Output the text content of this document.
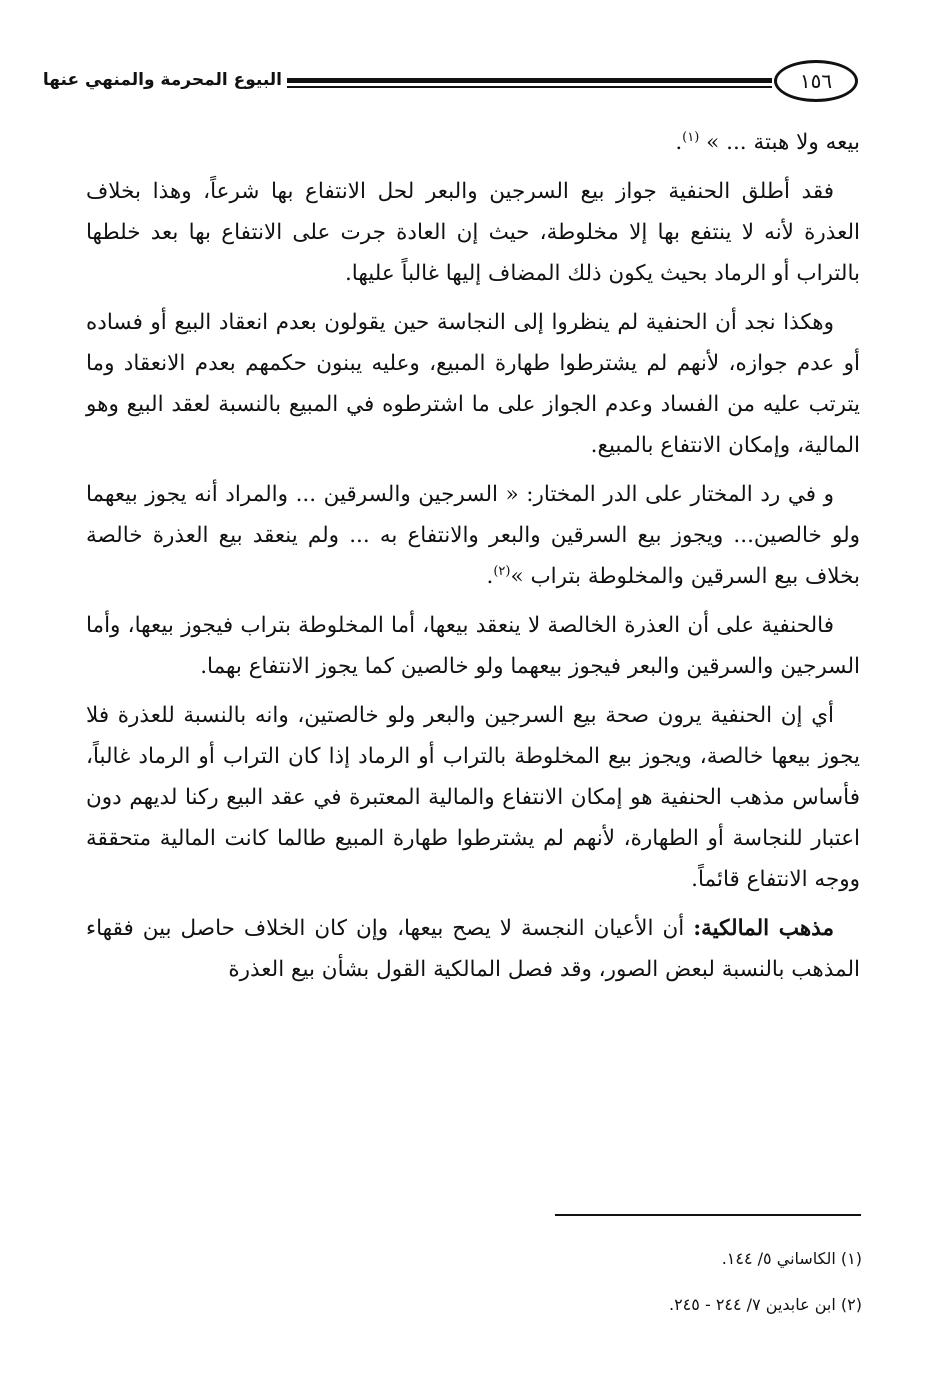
البيوع المحرمة والمنهي عنها	١٥٦

بيعه ولا هبتة ... » $^{(١)}$.

فقد أطلق الحنفية جواز بيع السرجين والبعر لحل الانتفاع بها شرعاً، وهذا بخلاف العذرة لأنه لا ينتفع بها إلا مخلوطة، حيث إن العادة جرت على الانتفاع بها بعد خلطها بالتراب أو الرماد بحيث يكون ذلك المضاف إليها غالباً عليها.

وهكذا نجد أن الحنفية لم ينظروا إلى النجاسة حين يقولون بعدم انعقاد البيع أو فساده أو عدم جوازه، لأنهم لم يشترطوا طهارة المبيع، وعليه يبنون حكمهم بعدم الانعقاد وما يترتب عليه من الفساد وعدم الجواز على ما اشترطوه في المبيع بالنسبة لعقد البيع وهو المالية، وإمكان الانتفاع بالمبيع.

و في رد المختار على الدر المختار: « السرجين والسرقين ... والمراد أنه يجوز بيعهما ولو خالصين... ويجوز بيع السرقين والبعر والانتفاع به ... ولم ينعقد بيع العذرة خالصة بخلاف بيع السرقين والمخلوطة بتراب »$^{(٢)}$.

فالحنفية على أن العذرة الخالصة لا ينعقد بيعها، أما المخلوطة بتراب فيجوز بيعها، وأما السرجين والسرقين والبعر فيجوز بيعهما ولو خالصين كما يجوز الانتفاع بهما.

أي إن الحنفية يرون صحة بيع السرجين والبعر ولو خالصتين، وانه بالنسبة للعذرة فلا يجوز بيعها خالصة، ويجوز بيع المخلوطة بالتراب أو الرماد إذا كان التراب أو الرماد غالباً، فأساس مذهب الحنفية هو إمكان الانتفاع والمالية المعتبرة في عقد البيع ركنا لديهم دون اعتبار للنجاسة أو الطهارة، لأنهم لم يشترطوا طهارة المبيع طالما كانت المالية متحققة ووجه الانتفاع قائماً.

مذهب المالكية: أن الأعيان النجسة لا يصح بيعها، وإن كان الخلاف حاصل بين فقهاء المذهب بالنسبة لبعض الصور، وقد فصل المالكية القول بشأن بيع العذرة

(١) الكاساني ٥/ ١٤٤.
(٢) ابن عابدين ٧/ ٢٤٤ - ٢٤٥.
